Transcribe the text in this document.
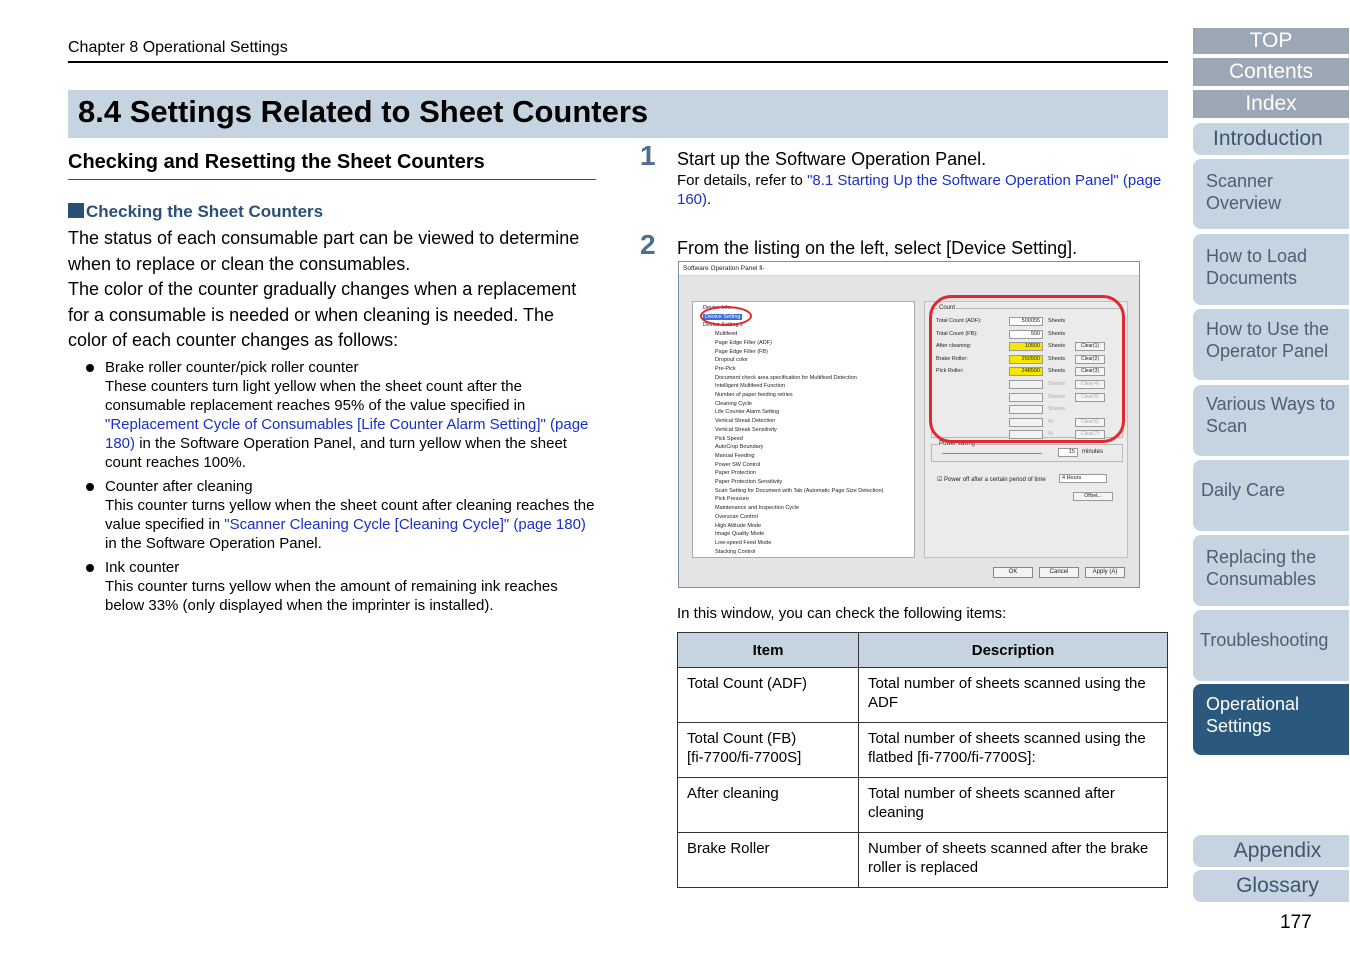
Chapter 8 Operational Settings
8.4 Settings Related to Sheet Counters
Checking and Resetting the Sheet Counters
Checking the Sheet Counters
The status of each consumable part can be viewed to determine when to replace or clean the consumables.
The color of the counter gradually changes when a replacement for a consumable is needed or when cleaning is needed. The color of each counter changes as follows:
Brake roller counter/pick roller counter
These counters turn light yellow when the sheet count after the consumable replacement reaches 95% of the value specified in "Replacement Cycle of Consumables [Life Counter Alarm Setting]" (page 180) in the Software Operation Panel, and turn yellow when the sheet count reaches 100%.
Counter after cleaning
This counter turns yellow when the sheet count after cleaning reaches the value specified in "Scanner Cleaning Cycle [Cleaning Cycle]" (page 180) in the Software Operation Panel.
Ink counter
This counter turns yellow when the amount of remaining ink reaches below 33% (only displayed when the imprinter is installed).
1 Start up the Software Operation Panel.
For details, refer to "8.1 Starting Up the Software Operation Panel" (page 160).
2 From the listing on the left, select [Device Setting].
Software Operation Panel fi-
Device Info.
Device Setting
Device Setting 2
Multifeed
Page Edge Filler (ADF)
Page Edge Filler (FB)
Dropout color
Pre-Pick
Document check area specification for Multifeed Detection
Intelligent Multifeed Function
Number of paper feeding retries
Cleaning Cycle
Life Counter Alarm Setting
Vertical Streak Detection
Vertical Streak Sensitivity
Pick Speed
AutoCrop Boundary
Manual Feeding
Power SW Control
Paper Protection
Paper Protection Sensitivity
Scan Setting for Document with Tab (Automatic Page Size Detection)
Pick Pressure
Maintenance and Inspection Cycle
Overscan Control
High Altitude Mode
Image Quality Mode
Low-speed Feed Mode
Stacking Control
Count
Total Count (ADF):	500055	Sheets
Total Count (FB):	500	Sheets
After cleaning:	10500	Sheets	Clear(1)
Brake Roller:	250500	Sheets	Clear(2)
Pick Roller:	248500	Sheets	Clear(3)
Sheets	Clear(4)
Sheets	Clear(5)
Sheets
%	Clear(6)
%	Clear(7)
Power saving
15	minutes
☑ Power off after a certain period of time	4 Hours
Offset...
OK	Cancel	Apply (A)
In this window, you can check the following items:
Item	Description
Total Count (ADF)	Total number of sheets scanned using the ADF
Total Count (FB)
[fi-7700/fi-7700S]	Total number of sheets scanned using the flatbed [fi-7700/fi-7700S]:
After cleaning	Total number of sheets scanned after cleaning
Brake Roller	Number of sheets scanned after the brake roller is replaced
TOP
Contents
Index
Introduction
Scanner Overview
How to Load Documents
How to Use the Operator Panel
Various Ways to Scan
Daily Care
Replacing the Consumables
Troubleshooting
Operational Settings
Appendix
Glossary
177
